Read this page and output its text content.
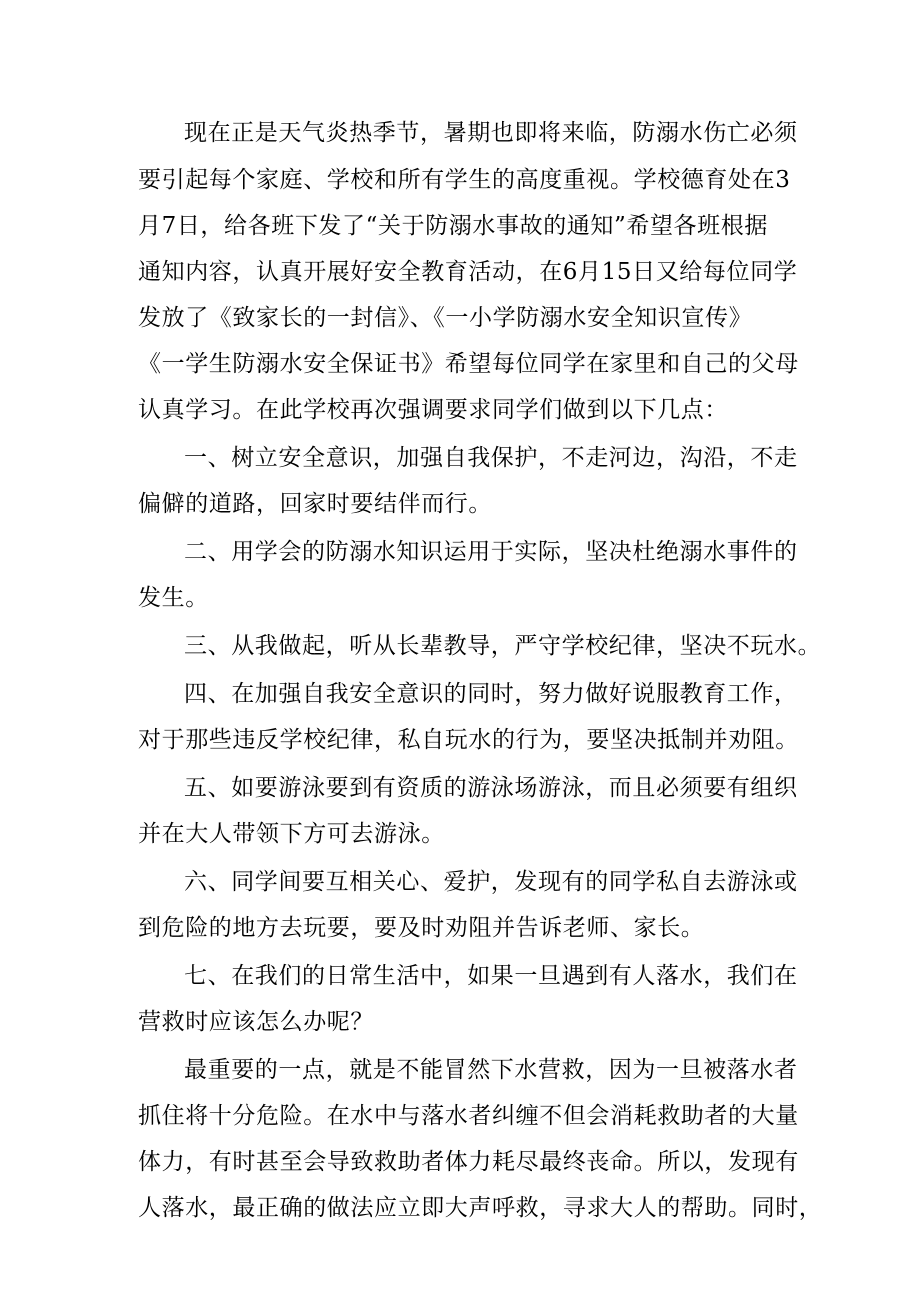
现在正是天气炎热季节，暑期也即将来临，防溺水伤亡必须
要引起每个家庭、学校和所有学生的高度重视。学校德育处在3
月7日，给各班下发了“关于防溺水事故的通知”希望各班根据
通知内容，认真开展好安全教育活动，在6月15日又给每位同学
发放了《致家长的一封信》、《一小学防溺水安全知识宣传》
《一学生防溺水安全保证书》希望每位同学在家里和自己的父母
认真学习。在此学校再次强调要求同学们做到以下几点：
一、树立安全意识，加强自我保护，不走河边，沟沿，不走
偏僻的道路，回家时要结伴而行。
二、用学会的防溺水知识运用于实际，坚决杜绝溺水事件的
发生。
三、从我做起，听从长辈教导，严守学校纪律，坚决不玩水。
四、在加强自我安全意识的同时，努力做好说服教育工作，
对于那些违反学校纪律，私自玩水的行为，要坚决抵制并劝阻。
五、如要游泳要到有资质的游泳场游泳，而且必须要有组织
并在大人带领下方可去游泳。
六、同学间要互相关心、爱护，发现有的同学私自去游泳或
到危险的地方去玩要，要及时劝阻并告诉老师、家长。
七、在我们的日常生活中，如果一旦遇到有人落水，我们在
营救时应该怎么办呢？
最重要的一点，就是不能冒然下水营救，因为一旦被落水者
抓住将十分危险。在水中与落水者纠缠不但会消耗救助者的大量
体力，有时甚至会导致救助者体力耗尽最终丧命。所以，发现有
人落水，最正确的做法应立即大声呼救，寻求大人的帮助。同时，
